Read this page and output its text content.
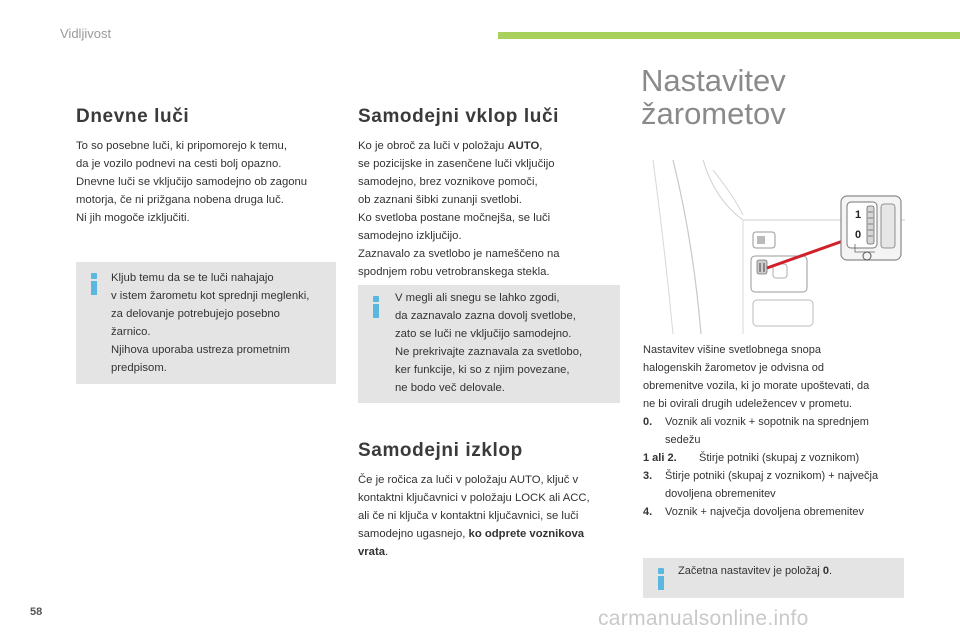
Vidljivost
Dnevne luči
To so posebne luči, ki pripomorejo k temu,
da je vozilo podnevi na cesti bolj opazno.
Dnevne luči se vključijo samodejno ob zagonu
motorja, če ni prižgana nobena druga luč.
Ni jih mogoče izključiti.
Kljub temu da se te luči nahajajo
v istem žarometu kot sprednji meglenki,
za delovanje potrebujejo posebno
žarnico.
Njihova uporaba ustreza prometnim
predpisom.
Samodejni vklop luči
Ko je obroč za luči v položaju AUTO,
se pozicijske in zasenčene luči vključijo
samodejno, brez voznikove pomoči,
ob zaznani šibki zunanji svetlobi.
Ko svetloba postane močnejša, se luči
samodejno izključijo.
Zaznavalo za svetlobo je nameščeno na
spodnjem robu vetrobranskega stekla.
V megli ali snegu se lahko zgodi,
da zaznavalo zazna dovolj svetlobe,
zato se luči ne vključijo samodejno.
Ne prekrivajte zaznavala za svetlobo,
ker funkcije, ki so z njim povezane,
ne bodo več delovale.
Samodejni izklop
Če je ročica za luči v položaju AUTO, ključ v
kontaktni ključavnici v položaju LOCK ali ACC,
ali če ni ključa v kontaktni ključavnici, se luči
samodejno ugasnejo, ko odprete voznikova
vrata.
Nastavitev
žarometov
1
0
Nastavitev višine svetlobnega snopa
halogenskih žarometov je odvisna od
obremenitve vozila, ki jo morate upoštevati, da
ne bi ovirali drugih udeležencev v prometu.
0.	Voznik ali voznik + sopotnik na sprednjem sedežu
1 ali 2.	Štirje potniki (skupaj z voznikom)
3.	Štirje potniki (skupaj z voznikom) + največja dovoljena obremenitev
4.	Voznik + največja dovoljena obremenitev
Začetna nastavitev je položaj 0.
58	carmanualsonline.info
